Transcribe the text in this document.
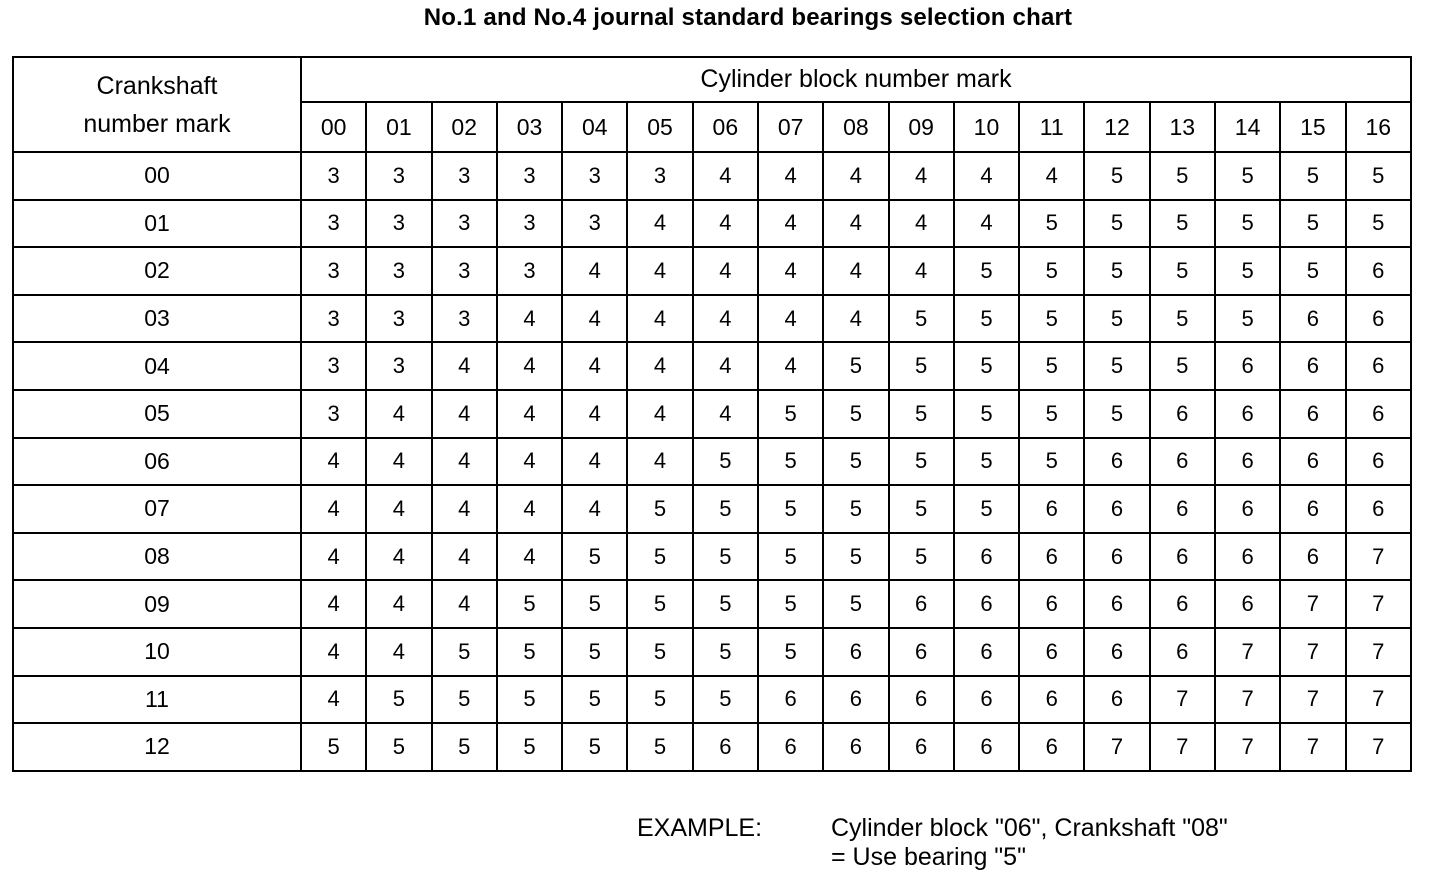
No.1 and No.4 journal standard bearings selection chart
Crankshaft
number mark	Cylinder block number mark																
	00	01	02	03	04	05	06	07	08	09	10	11	12	13	14	15	16
00	3	3	3	3	3	3	4	4	4	4	4	4	5	5	5	5	5
01	3	3	3	3	3	4	4	4	4	4	4	5	5	5	5	5	5
02	3	3	3	3	4	4	4	4	4	4	5	5	5	5	5	5	6
03	3	3	3	4	4	4	4	4	4	5	5	5	5	5	5	6	6
04	3	3	4	4	4	4	4	4	5	5	5	5	5	5	6	6	6
05	3	4	4	4	4	4	4	5	5	5	5	5	5	6	6	6	6
06	4	4	4	4	4	4	5	5	5	5	5	5	6	6	6	6	6
07	4	4	4	4	4	5	5	5	5	5	5	6	6	6	6	6	6
08	4	4	4	4	5	5	5	5	5	5	6	6	6	6	6	6	7
09	4	4	4	5	5	5	5	5	5	6	6	6	6	6	6	7	7
10	4	4	5	5	5	5	5	5	6	6	6	6	6	6	7	7	7
11	4	5	5	5	5	5	5	6	6	6	6	6	6	7	7	7	7
12	5	5	5	5	5	5	6	6	6	6	6	6	7	7	7	7	7
EXAMPLE:	Cylinder block "06", Crankshaft "08"
= Use bearing "5"
